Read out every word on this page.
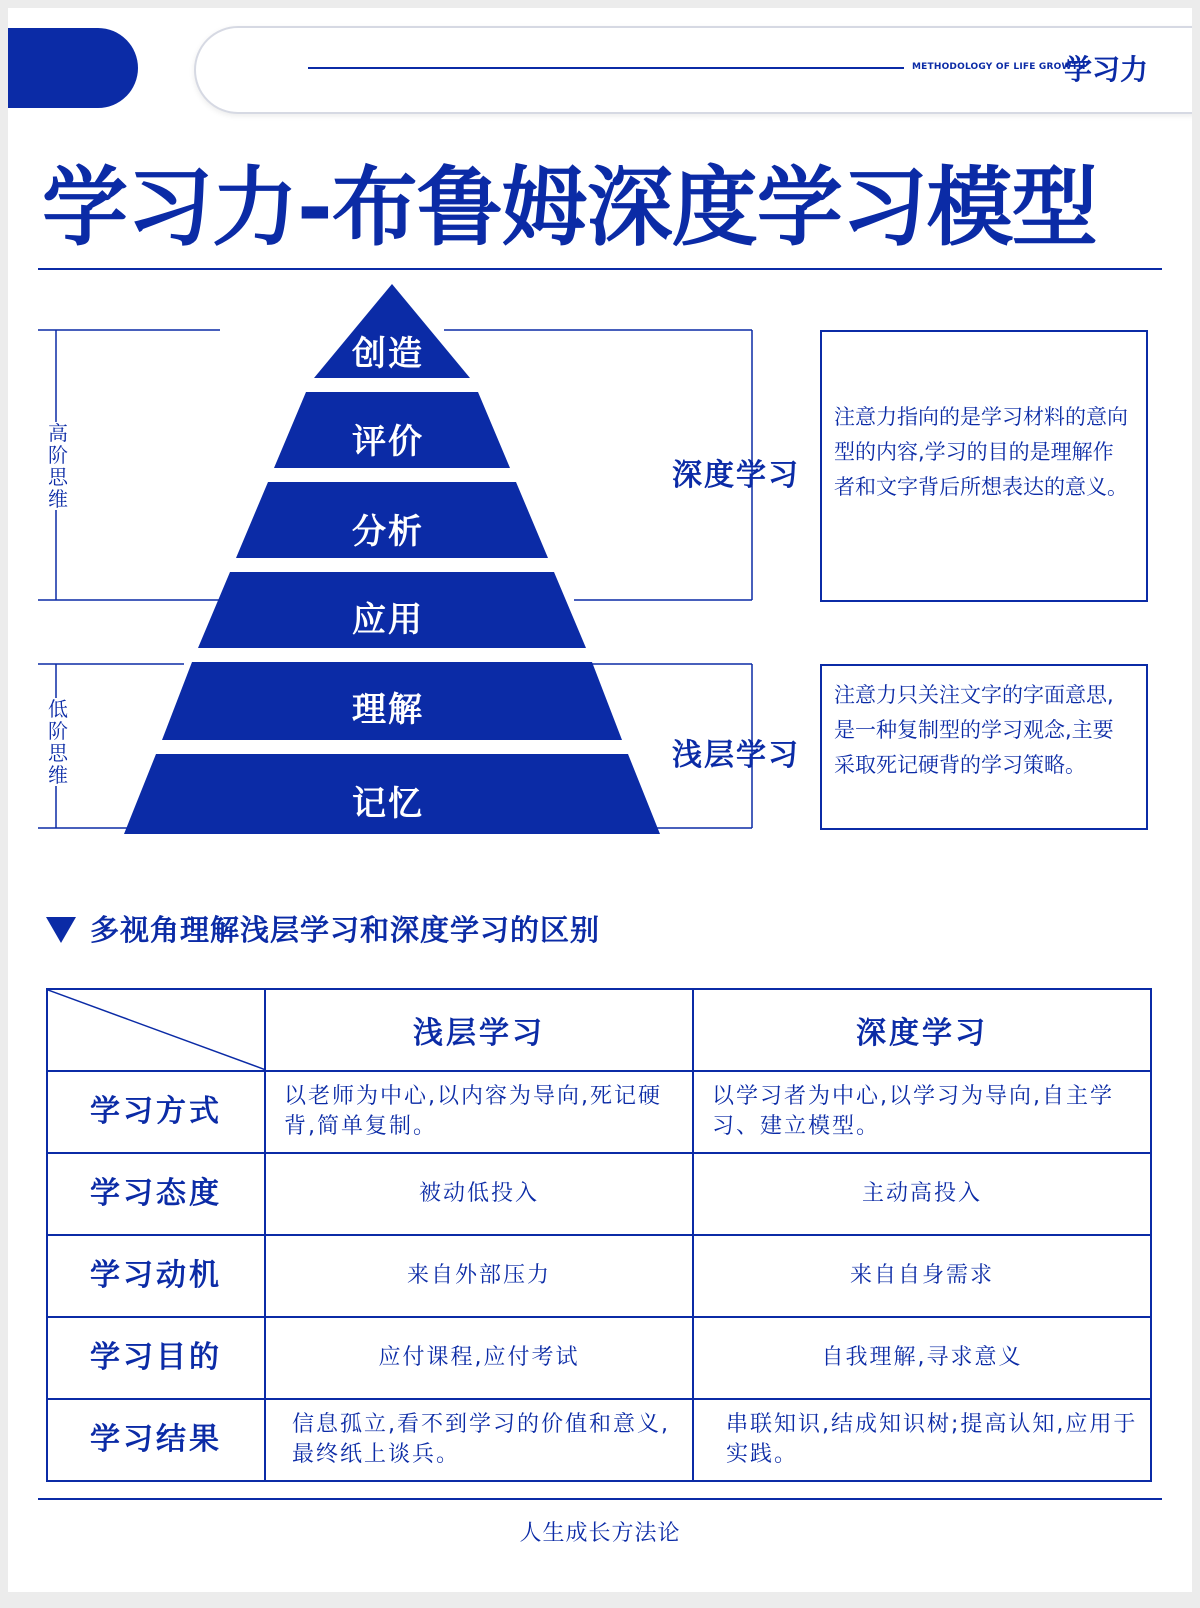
METHODOLOGY OF LIFE GROWTH
学习力
学习力-布鲁姆深度学习模型
创造
评价
分析
应用
理解
记忆
高阶思维
低阶思维
深度学习
浅层学习
注意力指向的是学习材料的意向型的内容,学习的目的是理解作者和文字背后所想表达的意义。
注意力只关注文字的字面意思,是一种复制型的学习观念,主要采取死记硬背的学习策略。
多视角理解浅层学习和深度学习的区别
	浅层学习	深度学习
学习方式	以老师为中心,以内容为导向,死记硬背,简单复制。	以学习者为中心,以学习为导向,自主学习、建立模型。
学习态度	被动低投入	主动高投入
学习动机	来自外部压力	来自自身需求
学习目的	应付课程,应付考试	自我理解,寻求意义
学习结果	信息孤立,看不到学习的价值和意义,最终纸上谈兵。	串联知识,结成知识树;提高认知,应用于实践。
人生成长方法论
